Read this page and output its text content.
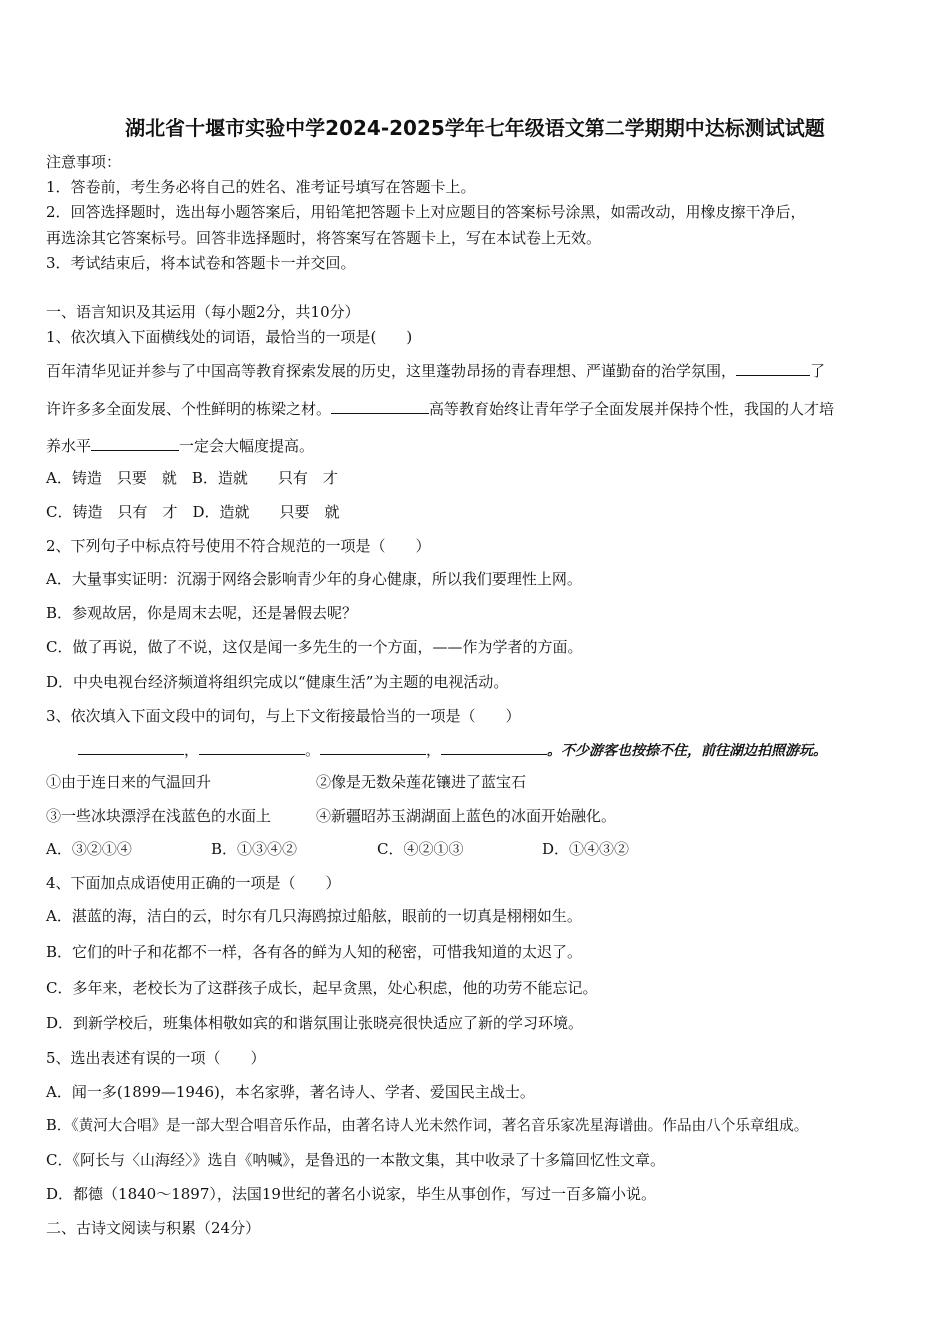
湖北省十堰市实验中学2024-2025学年七年级语文第二学期期中达标测试试题
注意事项：
1．答卷前，考生务必将自己的姓名、准考证号填写在答题卡上。
2．回答选择题时，选出每小题答案后，用铅笔把答题卡上对应题目的答案标号涂黑，如需改动，用橡皮擦干净后，
再选涂其它答案标号。回答非选择题时，将答案写在答题卡上，写在本试卷上无效。
3．考试结束后，将本试卷和答题卡一并交回。
一、语言知识及其运用（每小题2分，共10分）
1、依次填入下面横线处的词语，最恰当的一项是(　　)
百年清华见证并参与了中国高等教育探索发展的历史，这里蓬勃昂扬的青春理想、严谨勤奋的治学氛围，	了
许许多多全面发展、个性鲜明的栋梁之材。	高等教育始终让青年学子全面发展并保持个性，我国的人才培
养水平	一定会大幅度提高。
A．铸造　只要　就　 B．造就　　只有　才
C．铸造　只有　才　 D．造就　　只要　就
2、下列句子中标点符号使用不符合规范的一项是（　　）
A．大量事实证明：沉溺于网络会影响青少年的身心健康，所以我们要理性上网。
B．参观故居，你是周末去呢，还是暑假去呢？
C．做了再说，做了不说，这仅是闻一多先生的一个方面，——作为学者的方面。
D．中央电视台经济频道将组织完成以“健康生活”为主题的电视活动。
3、依次填入下面文段中的词句，与上下文衔接最恰当的一项是（　　）
，	。	，	。不少游客也按捺不住，前往湖边拍照游玩。
①由于连日来的气温回升	②像是无数朵莲花镶进了蓝宝石
③一些冰块漂浮在浅蓝色的水面上	④新疆昭苏玉湖湖面上蓝色的冰面开始融化。
A．③②①④	B．①③④②	C．④②①③	D．①④③②
4、下面加点成语使用正确的一项是（　　）
A．湛蓝的海，洁白的云，时尔有几只海鸥掠过船舷，眼前的一切真是栩栩如生。
B．它们的叶子和花都不一样，各有各的鲜为人知的秘密，可惜我知道的太迟了。
C．多年来，老校长为了这群孩子成长，起早贪黑，处心积虑，他的功劳不能忘记。
D．到新学校后，班集体相敬如宾的和谐氛围让张晓亮很快适应了新的学习环境。
5、选出表述有误的一项（　　）
A．闻一多(1899—1946)，本名家骅，著名诗人、学者、爱国民主战士。
B．《黄河大合唱》是一部大型合唱音乐作品，由著名诗人光未然作词，著名音乐家冼星海谱曲。作品由八个乐章组成。
C．《阿长与〈山海经〉》选自《呐喊》，是鲁迅的一本散文集，其中收录了十多篇回忆性文章。
D．都德（1840～1897），法国19世纪的著名小说家，毕生从事创作，写过一百多篇小说。
二、古诗文阅读与积累（24分）
